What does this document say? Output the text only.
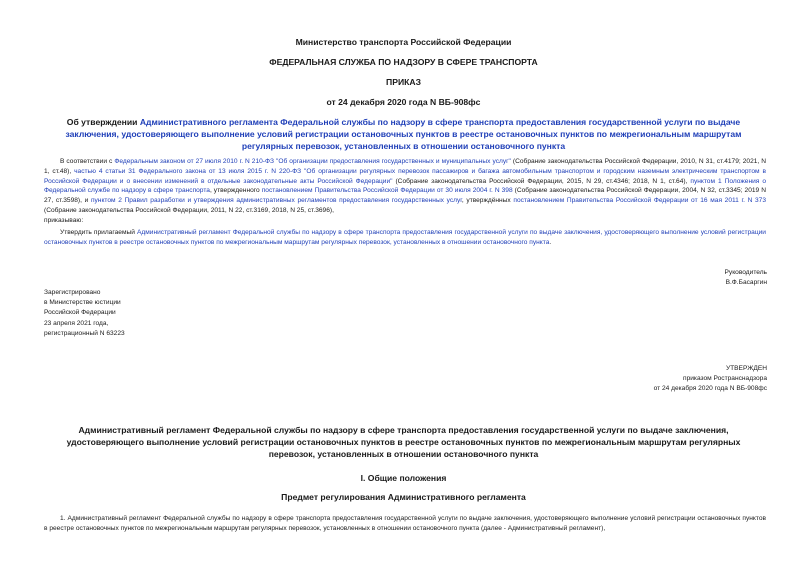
Министерство транспорта Российской Федерации

ФЕДЕРАЛЬНАЯ СЛУЖБА ПО НАДЗОРУ В СФЕРЕ ТРАНСПОРТА

ПРИКАЗ

от 24 декабря 2020 года N ВБ-908фс

Об утверждении Административного регламента Федеральной службы по надзору в сфере транспорта предоставления государственной услуги по выдаче заключения, удостоверяющего выполнение условий регистрации остановочных пунктов в реестре остановочных пунктов по межрегиональным маршрутам регулярных перевозок, установленных в отношении остановочного пункта

В соответствии с Федеральным законом от 27 июля 2010 г. N 210-ФЗ "Об организации предоставления государственных и муниципальных услуг" (Собрание законодательства Российской Федерации, 2010, N 31, ст.4179; 2021, N 1, ст.48), частью 4 статьи 31 Федерального закона от 13 июля 2015 г. N 220-ФЗ "Об организации регулярных перевозок пассажиров и багажа автомобильным транспортом и городским наземным электрическим транспортом в Российской Федерации и о внесении изменений в отдельные законодательные акты Российской Федерации" (Собрание законодательства Российской Федерации, 2015, N 29, ст.4346; 2018, N 1, ст.64), пунктом 1 Положения о Федеральной службе по надзору в сфере транспорта, утвержденного постановлением Правительства Российской Федерации от 30 июля 2004 г. N 398 (Собрание законодательства Российской Федерации, 2004, N 32, ст.3345; 2019 N 27, ст.3598), и пунктом 2 Правил разработки и утверждения административных регламентов предоставления государственных услуг, утверждённых постановлением Правительства Российской Федерации от 16 мая 2011 г. N 373 (Собрание законодательства Российской Федерации, 2011, N 22, ст.3169, 2018, N 25, ст.3696),
приказываю:

Утвердить прилагаемый Административный регламент Федеральной службы по надзору в сфере транспорта предоставления государственной услуги по выдаче заключения, удостоверяющего выполнение условий регистрации остановочных пунктов в реестре остановочных пунктов по межрегиональным маршрутам регулярных перевозок, установленных в отношении остановочного пункта.

Руководитель
В.Ф.Басаргин
Зарегистрировано
в Министерстве юстиции
Российской Федерации
23 апреля 2021 года,
регистрационный N 63223
УТВЕРЖДЕН
приказом Ространснадзора
от 24 декабря 2020 года N ВБ-908фс

Административный регламент Федеральной службы по надзору в сфере транспорта предоставления государственной услуги по выдаче заключения, удостоверяющего выполнение условий регистрации остановочных пунктов в реестре остановочных пунктов по межрегиональным маршрутам регулярных перевозок, установленных в отношении остановочного пункта

I. Общие положения

Предмет регулирования Административного регламента

1. Административный регламент Федеральной службы по надзору в сфере транспорта предоставления государственной услуги по выдаче заключения, удостоверяющего выполнение условий регистрации остановочных пунктов в реестре остановочных пунктов по межрегиональным маршрутам регулярных перевозок, установленных в отношении остановочного пункта (далее - Административный регламент),
